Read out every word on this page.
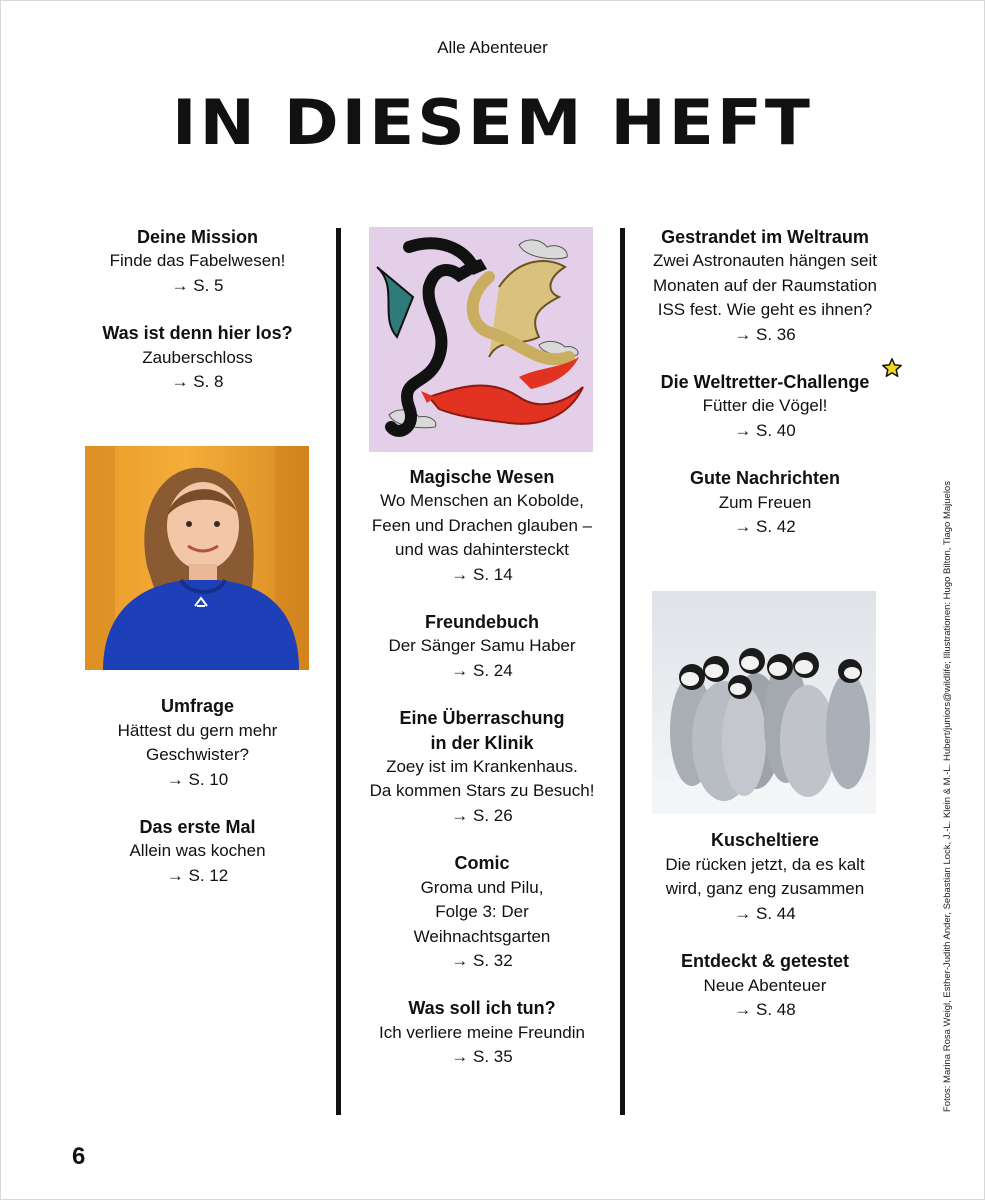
Alle Abenteuer
IN DIESEM HEFT
Deine Mission
Finde das Fabelwesen!
→ S. 5
Was ist denn hier los?
Zauberschloss
→ S. 8
Umfrage
Hättest du gern mehr
Geschwister?
→ S. 10
Das erste Mal
Allein was kochen
→ S. 12
Magische Wesen
Wo Menschen an Kobolde,
Feen und Drachen glauben –
und was dahintersteckt
→ S. 14
Freundebuch
Der Sänger Samu Haber
→ S. 24
Eine Überraschung
in der Klinik
Zoey ist im Krankenhaus.
Da kommen Stars zu Besuch!
→ S. 26
Comic
Groma und Pilu,
Folge 3: Der
Weihnachtsgarten
→ S. 32
Was soll ich tun?
Ich verliere meine Freundin
→ S. 35
Gestrandet im Weltraum
Zwei Astronauten hängen seit
Monaten auf der Raumstation
ISS fest. Wie geht es ihnen?
→ S. 36
Die Weltretter-Challenge
Fütter die Vögel!
→ S. 40
Gute Nachrichten
Zum Freuen
→ S. 42
Kuscheltiere
Die rücken jetzt, da es kalt
wird, ganz eng zusammen
→ S. 44
Entdeckt & getestet
Neue Abenteuer
→ S. 48	Fotos: Marina Rosa Weigl, Esther-Judith Ander, Sebastian Lock, J.-L. Klein & M.-L. Hubert/juniors@wildlife; Illustrationen: Hugo Bilton, Tiago Majuelos
6
